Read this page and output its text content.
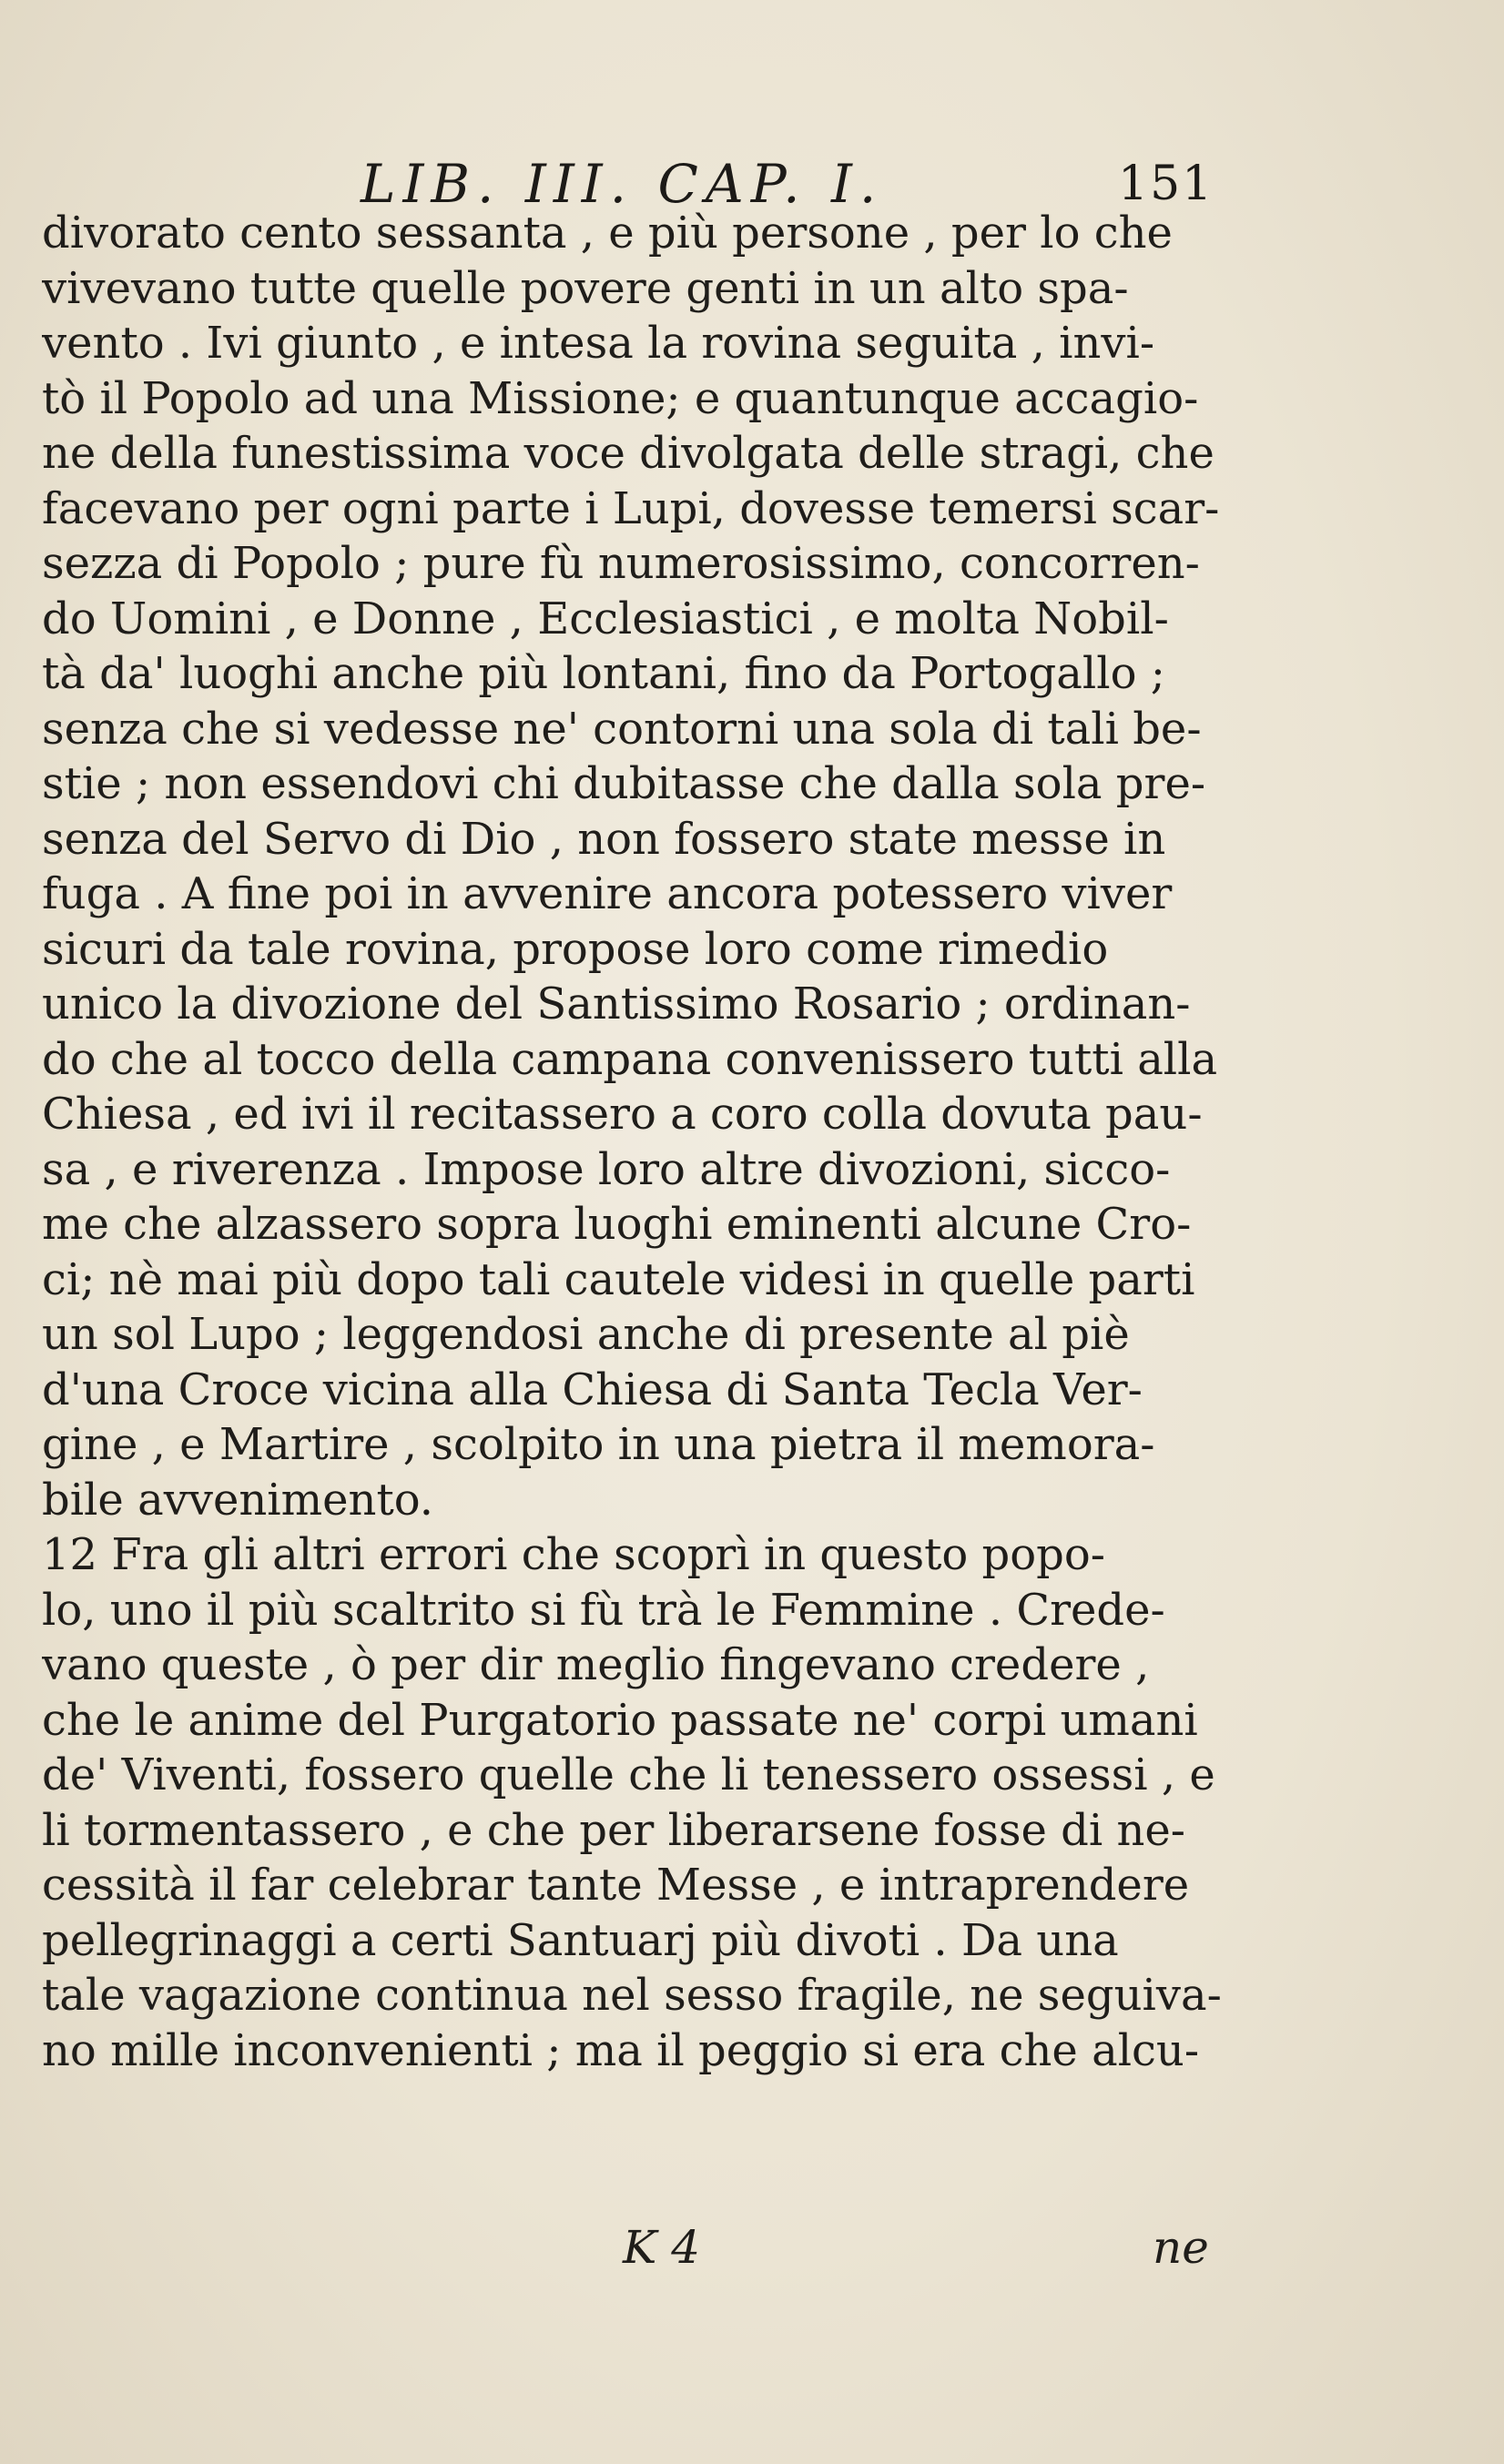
LIB. III. CAP. I.	151
divorato cento sessanta , e più persone , per lo che
vivevano tutte quelle povere genti in un alto spa-
vento . Ivi giunto , e intesa la rovina seguita , invi-
tò il Popolo ad una Missione; e quantunque accagio-
ne della funestissima voce divolgata delle stragi, che
facevano per ogni parte i Lupi, dovesse temersi scar-
sezza di Popolo ; pure fù numerosissimo, concorren-
do Uomini , e Donne , Ecclesiastici , e molta Nobil-
tà da' luoghi anche più lontani, fino da Portogallo ;
senza che si vedesse ne' contorni una sola di tali be-
stie ; non essendovi chi dubitasse che dalla sola pre-
senza del Servo di Dio , non fossero state messe in
fuga . A fine poi in avvenire ancora potessero viver
sicuri da tale rovina, propose loro come rimedio
unico la divozione del Santissimo Rosario ; ordinan-
do che al tocco della campana convenissero tutti alla
Chiesa , ed ivi il recitassero a coro colla dovuta pau-
sa , e riverenza . Impose loro altre divozioni, sicco-
me che alzassero sopra luoghi eminenti alcune Cro-
ci; nè mai più dopo tali cautele videsi in quelle parti
un sol Lupo ; leggendosi anche di presente al piè
d'una Croce vicina alla Chiesa di Santa Tecla Ver-
gine , e Martire , scolpito in una pietra il memora-
bile avvenimento.
12 Fra gli altri errori che scoprì in questo popo-
lo, uno il più scaltrito si fù trà le Femmine . Crede-
vano queste , ò per dir meglio fingevano credere ,
che le anime del Purgatorio passate ne' corpi umani
de' Viventi, fossero quelle che li tenessero ossessi , e
li tormentassero , e che per liberarsene fosse di ne-
cessità il far celebrar tante Messe , e intraprendere
pellegrinaggi a certi Santuarj più divoti . Da una
tale vagazione continua nel sesso fragile, ne seguiva-
no mille inconvenienti ; ma il peggio si era che alcu-
K 4	ne
